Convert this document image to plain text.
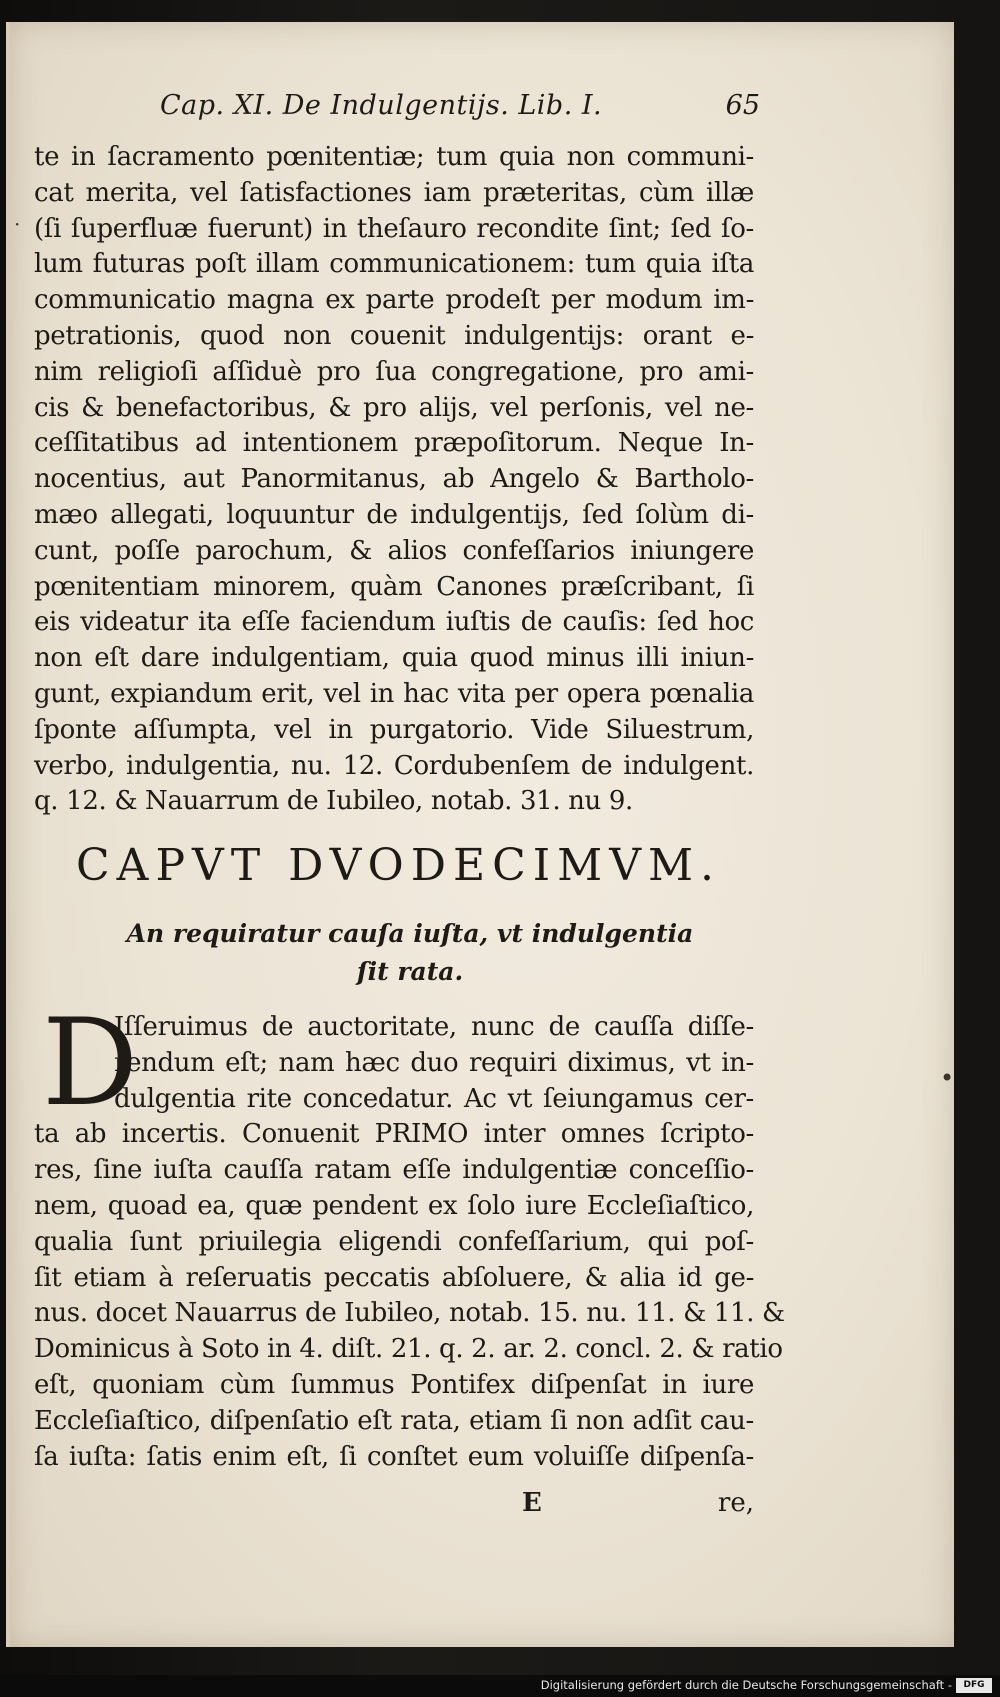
Cap. XI. De Indulgentijs. Lib. I.	65
te in ſacramento pœnitentiæ; tum quia non communi-
cat merita, vel ſatisfactiones iam præteritas, cùm illæ
(ſi ſuperfluæ fuerunt) in theſauro recondite ſint; ſed ſo-
lum futuras poſt illam communicationem: tum quia iſta
communicatio magna ex parte prodeſt per modum im-
petrationis, quod non couenit indulgentijs: orant e-
nim religioſi aſſiduè pro ſua congregatione, pro ami-
cis & benefactoribus, & pro alijs, vel perſonis, vel ne-
ceſſitatibus ad intentionem præpoſitorum. Neque In-
nocentius, aut Panormitanus, ab Angelo & Bartholo-
mæo allegati, loquuntur de indulgentijs, ſed ſolùm di-
cunt, poſſe parochum, & alios confeſſarios iniungere
pœnitentiam minorem, quàm Canones præſcribant, ſi
eis videatur ita eſſe faciendum iuſtis de cauſis: ſed hoc
non eſt dare indulgentiam, quia quod minus illi iniun-
gunt, expiandum erit, vel in hac vita per opera pœnalia
ſponte aſſumpta, vel in purgatorio. Vide Siluestrum,
verbo, indulgentia, nu. 12. Cordubenſem de indulgent.
q. 12. & Nauarrum de Iubileo, notab. 31. nu 9.
CAPVT DVODECIMVM.
An requiratur cauſa iuſta, vt indulgentia
ſit rata.
D
Iſſeruimus de auctoritate, nunc de cauſſa diſſe-
rendum eſt; nam hæc duo requiri diximus, vt in-
dulgentia rite concedatur. Ac vt ſeiungamus cer-
ta ab incertis. Conuenit PRIMO inter omnes ſcripto-
res, ſine iuſta cauſſa ratam eſſe indulgentiæ conceſſio-
nem, quoad ea, quæ pendent ex ſolo iure Eccleſiaſtico,
qualia ſunt priuilegia eligendi confeſſarium, qui poſ-
ſit etiam à reſeruatis peccatis abſoluere, & alia id ge-
nus. docet Nauarrus de Iubileo, notab. 15. nu. 11. & 11. &
Dominicus à Soto in 4. diſt. 21. q. 2. ar. 2. concl. 2. & ratio
eſt, quoniam cùm ſummus Pontifex diſpenſat in iure
Eccleſiaſtico, diſpenſatio eſt rata, etiam ſi non adſit cau-
ſa iuſta: ſatis enim eſt, ſi conſtet eum voluiſſe diſpenſa-
E	re,
·
•
Digitalisierung gefördert durch die Deutsche Forschungsgemeinschaft -	DFG
